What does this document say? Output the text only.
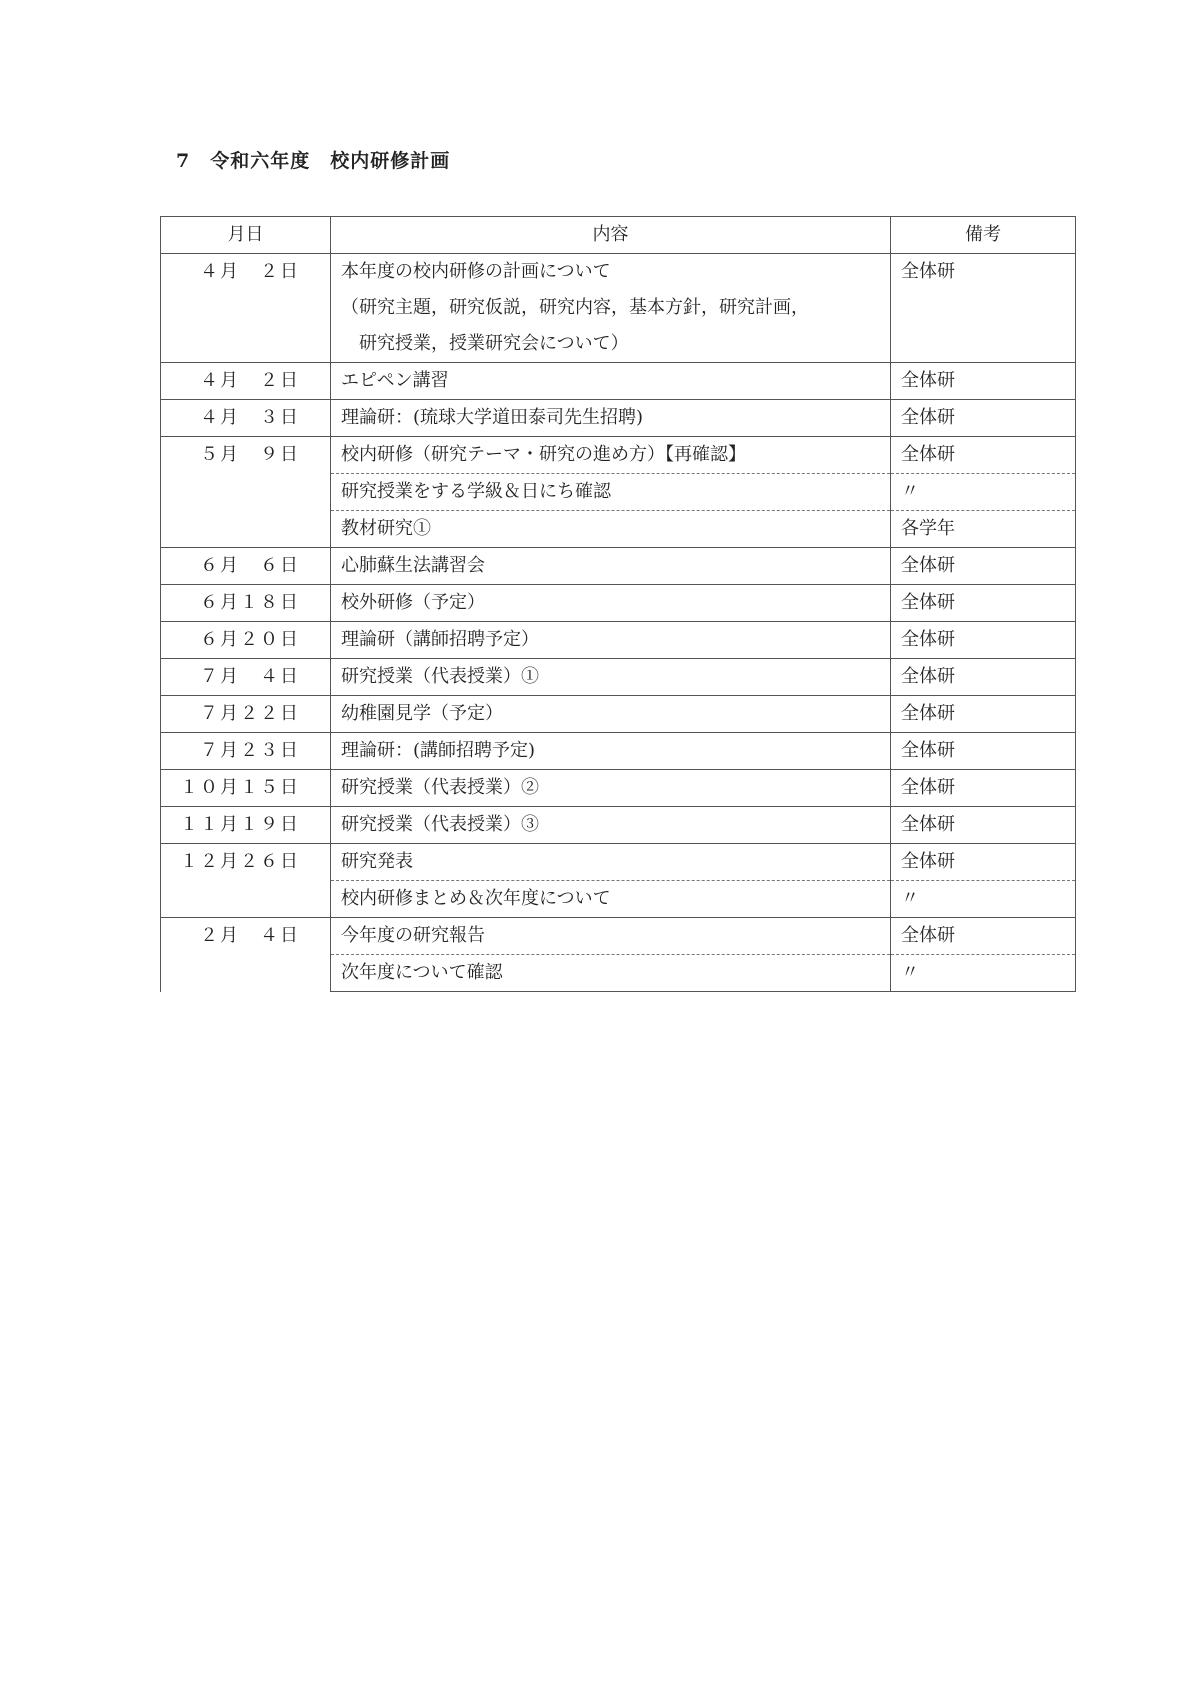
7　令和六年度　校内研修計画
月日	内容	備考
４月　２日	本年度の校内研修の計画について
（研究主題，研究仮説，研究内容，基本方針，研究計画，
　研究授業，授業研究会について）	全体研
４月　２日	エピペン講習	全体研
４月　３日	理論研：(琉球大学道田泰司先生招聘)	全体研
５月　９日	校内研修（研究テーマ・研究の進め方）【再確認】	全体研

	研究授業をする学級＆日にち確認	〃

	教材研究①	各学年
６月　６日	心肺蘇生法講習会	全体研
６月１８日	校外研修（予定）	全体研
６月２０日	理論研（講師招聘予定）	全体研
７月　４日	研究授業（代表授業）①	全体研
７月２２日	幼稚園見学（予定）	全体研
７月２３日	理論研：(講師招聘予定)	全体研
１０月１５日	研究授業（代表授業）②	全体研
１１月１９日	研究授業（代表授業）③	全体研
１２月２６日	研究発表	全体研

	校内研修まとめ＆次年度について	〃
２月　４日	今年度の研究報告	全体研

	次年度について確認	〃
